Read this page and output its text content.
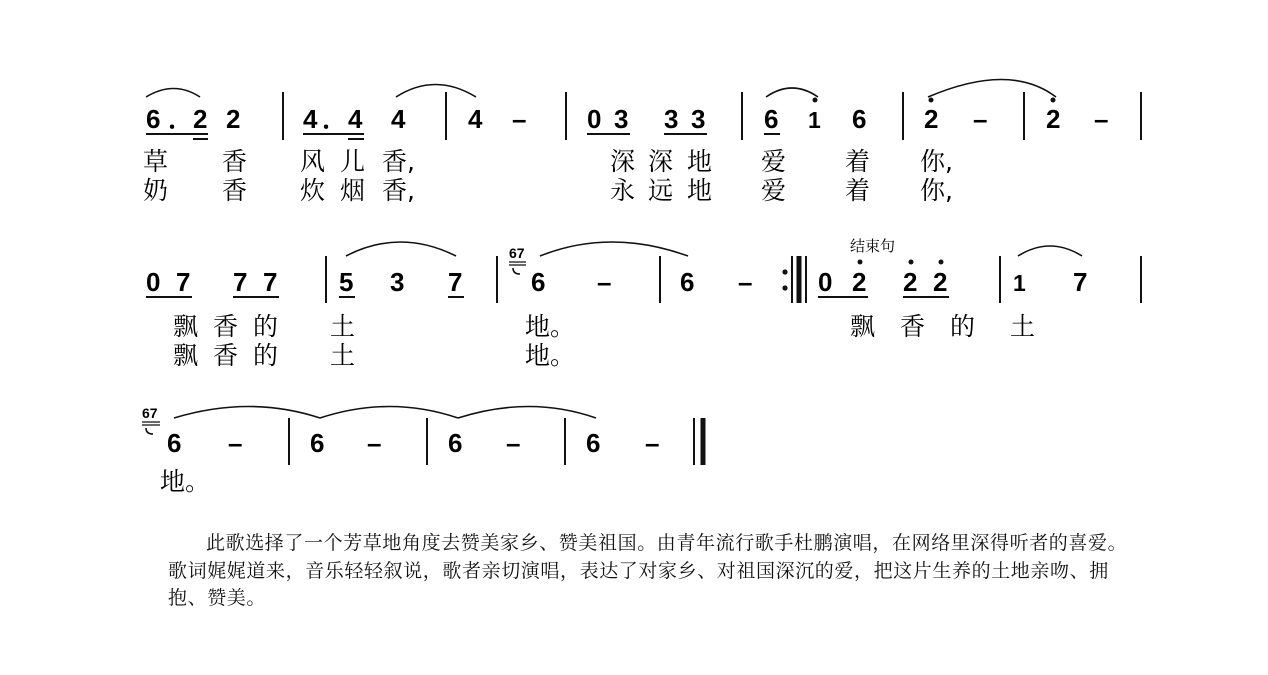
6 ．
2 2 4 ． 4 4 4 – 0 3 3 3 6 1 6 2 – 2 –
草 香 风 儿 香,	深 深 地 爱 着 你,
奶 香 炊 烟 香,	永 远 地 爱 着 你,
结束句
67
0 7 7 7 5 3 7	6 –	6 –	0 2 2 2	1 7
飘 香 的 土	地。	飘 香 的 土
飘 香 的 土	地。
67
6 –	6 –	6 –	6 –
地。

此歌选择了一个芳草地角度去赞美家乡、赞美祖国。由青年流行歌手杜鹏演唱，在网络里深得听者的喜爱。歌词娓娓道来，音乐轻轻叙说，歌者亲切演唱，表达了对家乡、对祖国深沉的爱，把这片生养的土地亲吻、拥抱、赞美。
